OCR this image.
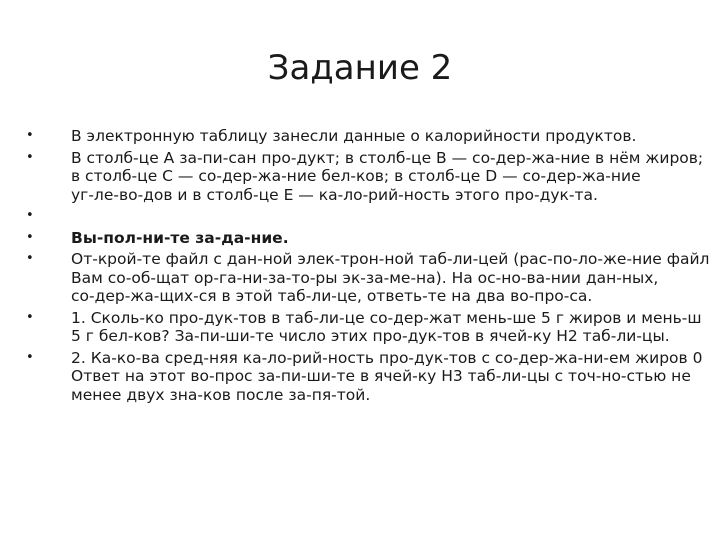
Задание 2
•	В электронную таблицу занесли данные о калорийности продуктов.
•	В столб-це A за-пи-сан про-дукт; в столб-це B — со-дер-жа-ние в нём жиров;
в столб-це C — со-дер-жа-ние бел-ков; в столб-це D — со-дер-жа-ние
уг-ле-во-дов и в столб-це E — ка-ло-рий-ность этого про-дук-та.
•

•	Вы-пол-ни-те за-да-ние.
•	От-крой-те файл с дан-ной элек-трон-ной таб-ли-цей (рас-по-ло-же-ние файл
Вам со-об-щат ор-га-ни-за-то-ры эк-за-ме-на). На ос-но-ва-нии дан-ных,
со-дер-жа-щих-ся в этой таб-ли-це, ответь-те на два во-про-са.
•	1. Сколь-ко про-дук-тов в таб-ли-це со-дер-жат мень-ше 5 г жиров и мень-ш
5 г бел-ков? За-пи-ши-те число этих про-дук-тов в ячей-ку H2 таб-ли-цы.
•	2. Ка-ко-ва сред-няя ка-ло-рий-ность про-дук-тов с со-дер-жа-ни-ем жиров 0
Ответ на этот во-прос за-пи-ши-те в ячей-ку H3 таб-ли-цы с точ-но-стью не
менее двух зна-ков после за-пя-той.
